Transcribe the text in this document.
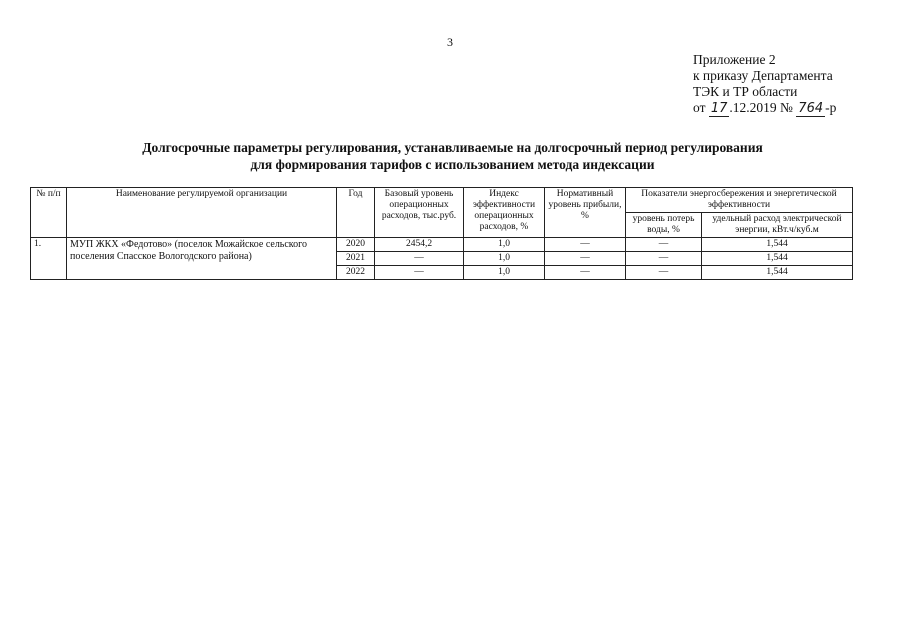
3
Приложение 2
к приказу Департамента
ТЭК и ТР области
от 17 .12.2019 № 764 -р
Долгосрочные параметры регулирования, устанавливаемые на долгосрочный период регулирования
для формирования тарифов с использованием метода индексации
№ п/п	Наименование регулируемой организации	Год	Базовый уровень операционных расходов, тыс.руб.	Индекс эффективности операционных расходов, %	Нормативный уровень прибыли, %	Показатели энергосбережения и энергетической эффективности	
						уровень потерь воды, %	удельный расход электрической энергии, кВт.ч/куб.м
1.	МУП ЖКХ «Федотово» (поселок Можайское сельского поселения Спасское Вологодского района)	2020	2454,2	1,0	—	—	1,544
		2021	—	1,0	—	—	1,544
		2022	—	1,0	—	—	1,544
